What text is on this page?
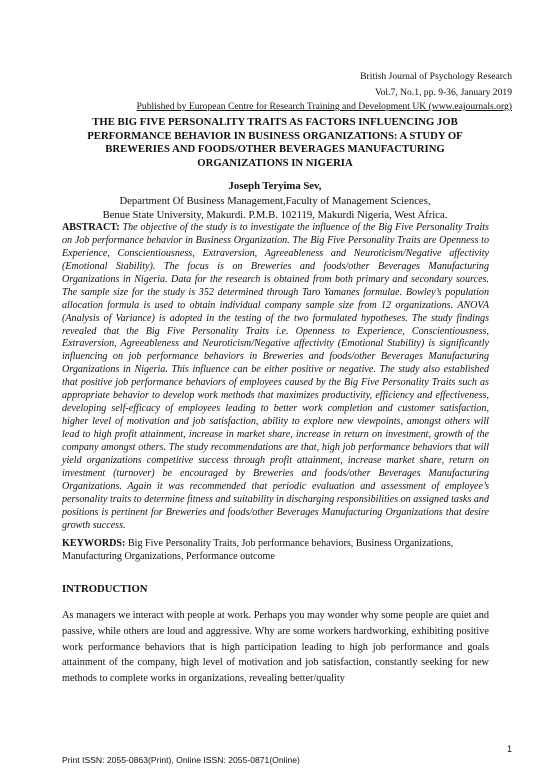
British Journal of Psychology Research
Vol.7, No.1, pp. 9-36, January 2019
Published by European Centre for Research Training and Development UK (www.eajournals.org)
THE BIG FIVE PERSONALITY TRAITS AS FACTORS INFLUENCING JOB
PERFORMANCE BEHAVIOR IN BUSINESS ORGANIZATIONS: A STUDY OF
BREWERIES AND FOODS/OTHER BEVERAGES MANUFACTURING
ORGANIZATIONS IN NIGERIA
Joseph Teryima Sev,
Department Of Business Management,Faculty of Management Sciences,
Benue State University, Makurdi. P.M.B. 102119, Makurdi Nigeria, West Africa.
ABSTRACT: The objective of the study is to investigate the influence of the Big Five Personality Traits on Job performance behavior in Business Organization. The Big Five Personality Traits are Openness to Experience, Conscientiousness, Extraversion, Agreeableness and Neuroticism/Negative affectivity (Emotional Stability). The focus is on Breweries and foods/other Beverages Manufacturing Organizations in Nigeria. Data for the research is obtained from both primary and secondary sources. The sample size for the study is 352 determined through Taro Yamanes formulae. Bowley’s population allocation formula is used to obtain individual company sample size from 12 organizations. ANOVA (Analysis of Variance) is adopted in the testing of the two formulated hypotheses. The study findings revealed that the Big Five Personality Traits i.e. Openness to Experience, Conscientiousness, Extraversion, Agreeableness and Neuroticism/Negative affectivity (Emotional Stability) is significantly influencing on job performance behaviors in Breweries and foods/other Beverages Manufacturing Organizations in Nigeria. This influence can be either positive or negative. The study also established that positive job performance behaviors of employees caused by the Big Five Personality Traits such as appropriate behavior to develop work methods that maximizes productivity, efficiency and effectiveness, developing self-efficacy of employees leading to better work completion and customer satisfaction, higher level of motivation and job satisfaction, ability to explore new viewpoints, amongst others will lead to high profit attainment, increase in market share, increase in return on investment, growth of the company amongst others. The study recommendations are that, high job performance behaviors that will yield organizations competitive success through profit attainment, increase market share, return on investment (turnover) be encouraged by Breweries and foods/other Beverages Manufacturing Organizations. Again it was recommended that periodic evaluation and assessment of employee’s personality traits to determine fitness and suitability in discharging responsibilities on assigned tasks and positions is pertinent for Breweries and foods/other Beverages Manufacturing Organizations that desire growth success.
KEYWORDS: Big Five Personality Traits, Job performance behaviors, Business Organizations, Manufacturing Organizations, Performance outcome
INTRODUCTION
As managers we interact with people at work. Perhaps you may wonder why some people are quiet and passive, while others are loud and aggressive. Why are some workers hardworking, exhibiting positive work performance behaviors that is high participation leading to high job performance and goals attainment of the company, high level of motivation and job satisfaction, constantly seeking for new methods to complete works in organizations, revealing better/quality
1
Print ISSN: 2055-0863(Print), Online ISSN: 2055-0871(Online)
